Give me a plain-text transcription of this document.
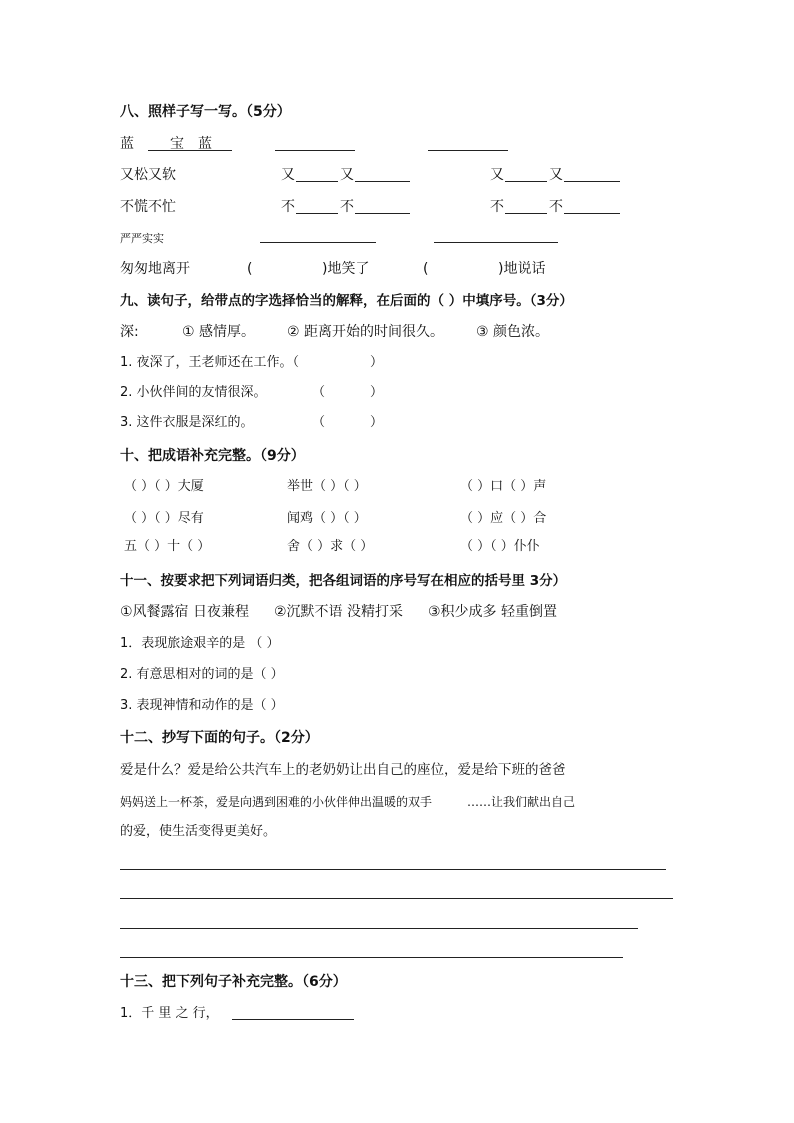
八、照样子写一写。（5分）
蓝	宝 蓝
又松又软	又	又	又	又
不慌不忙	不	不	不	不
严严实实
匆匆地离开	(	)地笑了	(	)地说话
九、读句子，给带点的字选择恰当的解释，在后面的（ ）中填序号。（3分）
深:	① 感情厚。 ② 距离开始的时间很久。 ③ 颜色浓。
1. 夜深了，王老师还在工作。（	）
2. 小伙伴间的友情很深。	（	）
3. 这件衣服是深红的。	（	）
十、把成语补充完整。（9分）
（ ）（ ）大厦	举世（ ）（ ）	（ ）口（ ）声
（ ）（ ）尽有	闻鸡（ ）（ ）	（ ）应（ ）合
五（ ）十（ ）	舍（ ）求（ ）	（ ）（ ）仆仆
十一、按要求把下列词语归类，把各组词语的序号写在相应的括号里 3分）
①风餐露宿 日夜兼程 ②沉默不语 没精打采 ③积少成多 轻重倒置
1．表现旅途艰辛的是 （ ）
2. 有意思相对的词的是（ ）
3. 表现神情和动作的是（ ）
十二、抄写下面的句子。（2分）
爱是什么？爱是给公共汽车上的老奶奶让出自己的座位，爱是给下班的爸爸
妈妈送上一杯茶，爱是向遇到困难的小伙伴伸出温暖的双手	……让我们献出自己
的爱，使生活变得更美好。
十三、把下列句子补充完整。（6分）
1．千 里 之 行，
